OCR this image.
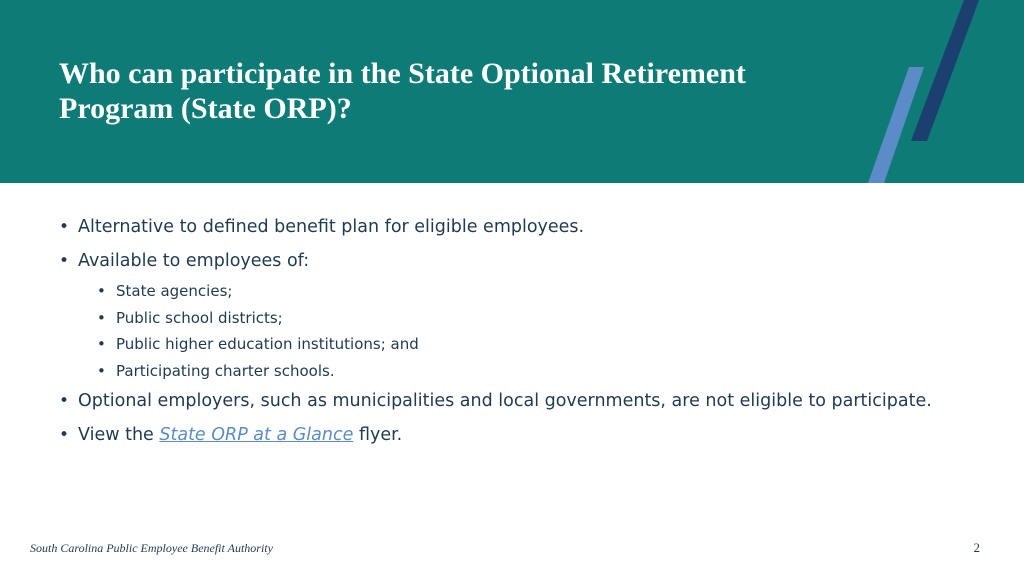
Who can participate in the State Optional Retirement Program (State ORP)?
• Alternative to defined benefit plan for eligible employees.
• Available to employees of:
• State agencies;
• Public school districts;
• Public higher education institutions; and
• Participating charter schools.
• Optional employers, such as municipalities and local governments, are not eligible to participate.
• View the State ORP at a Glance flyer.
South Carolina Public Employee Benefit Authority	2
